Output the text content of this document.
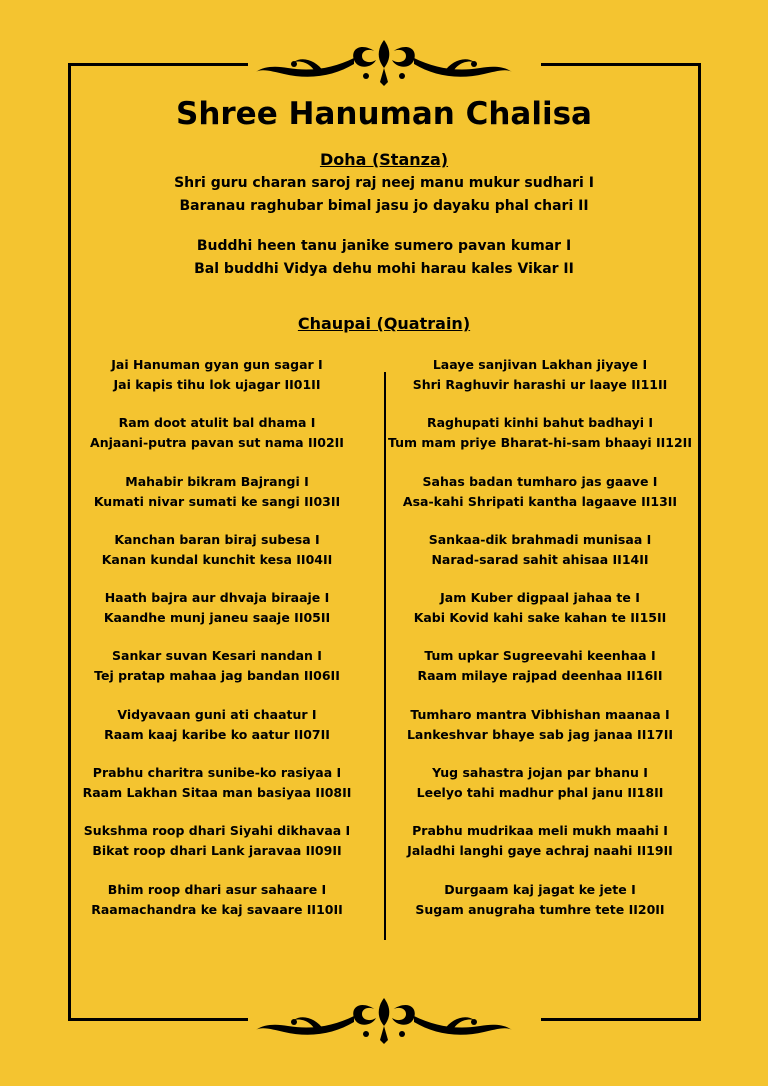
Shree Hanuman Chalisa
Doha (Stanza)
Shri guru charan saroj raj neej manu mukur sudhari I
Baranau raghubar bimal jasu jo dayaku phal chari II
Buddhi heen tanu janike sumero pavan kumar I
Bal buddhi Vidya dehu mohi harau kales Vikar II
Chaupai (Quatrain)
Jai Hanuman gyan gun sagar I
Jai kapis tihu lok ujagar II01II
Ram doot atulit bal dhama I
Anjaani-putra pavan sut nama II02II
Mahabir bikram Bajrangi I
Kumati nivar sumati ke sangi II03II
Kanchan baran biraj subesa I
Kanan kundal kunchit kesa II04II
Haath bajra aur dhvaja biraaje I
Kaandhe munj janeu saaje II05II
Sankar suvan Kesari nandan I
Tej pratap mahaa jag bandan II06II
Vidyavaan guni ati chaatur I
Raam kaaj karibe ko aatur II07II
Prabhu charitra sunibe-ko rasiyaa I
Raam Lakhan Sitaa man basiyaa II08II
Sukshma roop dhari Siyahi dikhavaa I
Bikat roop dhari Lank jaravaa II09II
Bhim roop dhari asur sahaare I
Raamachandra ke kaj savaare II10II
Laaye sanjivan Lakhan jiyaye I
Shri Raghuvir harashi ur laaye II11II
Raghupati kinhi bahut badhayi I
Tum mam priye Bharat-hi-sam bhaayi II12II
Sahas badan tumharo jas gaave I
Asa-kahi Shripati kantha lagaave II13II
Sankaa-dik brahmadi munisaa I
Narad-sarad sahit ahisaa II14II
Jam Kuber digpaal jahaa te I
Kabi Kovid kahi sake kahan te II15II
Tum upkar Sugreevahi keenhaa I
Raam milaye rajpad deenhaa II16II
Tumharo mantra Vibhishan maanaa I
Lankeshvar bhaye sab jag janaa II17II
Yug sahastra jojan par bhanu I
Leelyo tahi madhur phal janu II18II
Prabhu mudrikaa meli mukh maahi I
Jaladhi langhi gaye achraj naahi II19II
Durgaam kaj jagat ke jete I
Sugam anugraha tumhre tete II20II
